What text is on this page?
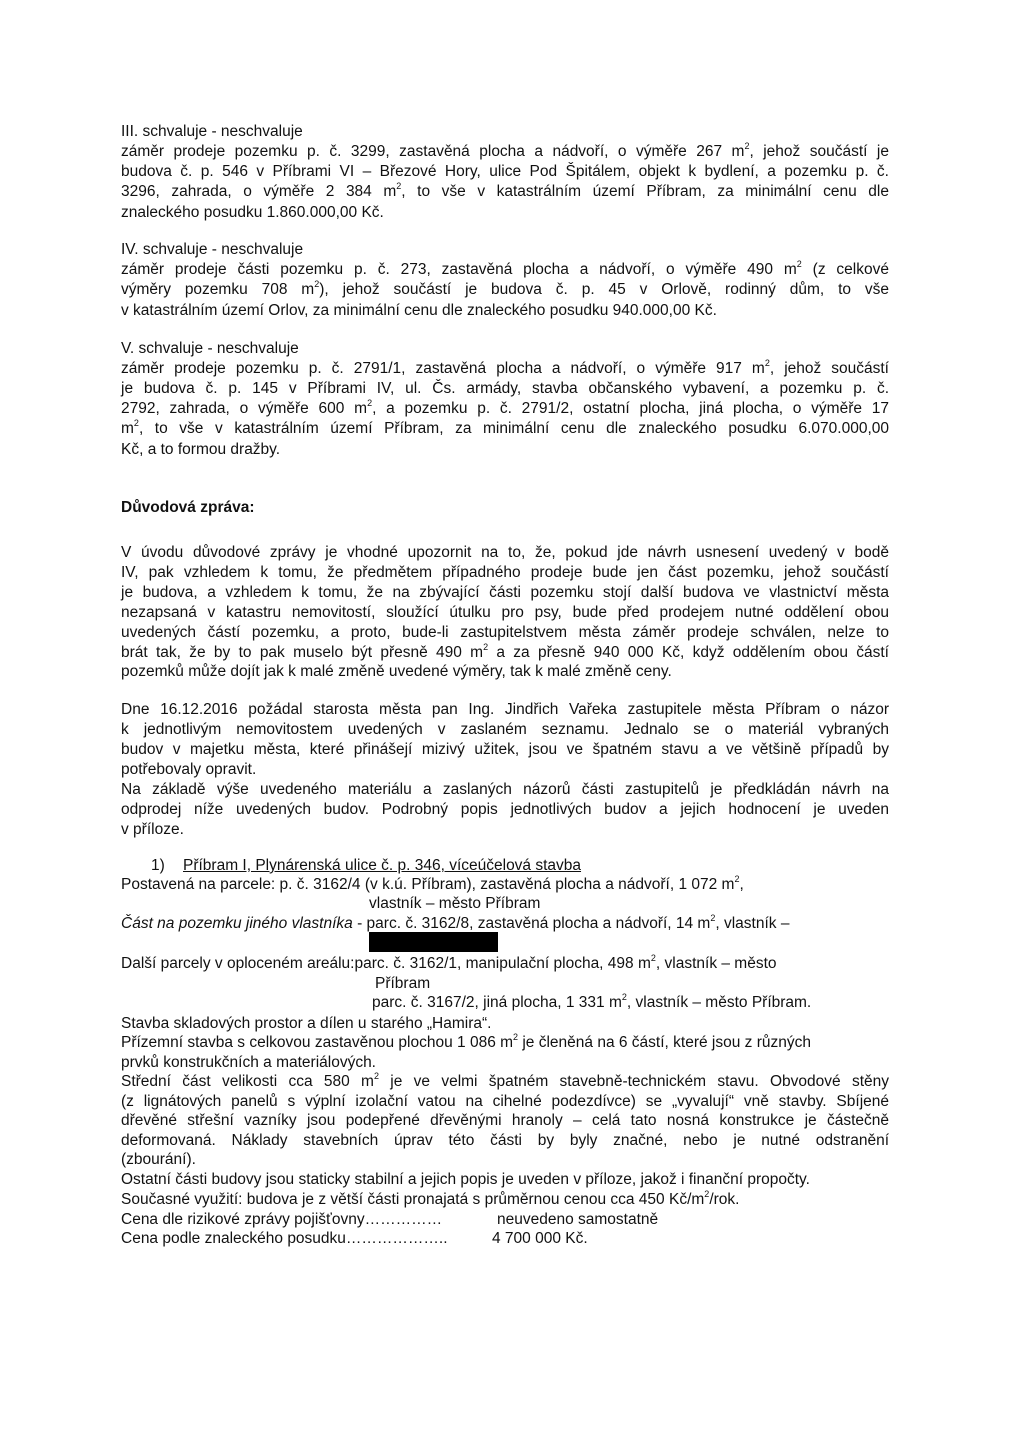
III. schvaluje - neschvaluje
záměr prodeje pozemku p. č. 3299, zastavěná plocha a nádvoří, o výměře 267 $m^2$, jehož součástí je
budova č. p. 546 v Příbrami VI – Březové Hory, ulice Pod Špitálem, objekt k bydlení, a pozemku p. č.
3296, zahrada, o výměře 2 384 $m^2$, to vše v katastrálním území Příbram, za minimální cenu dle
znaleckého posudku 1.860.000,00 Kč.
IV. schvaluje - neschvaluje
záměr prodeje části pozemku p. č. 273, zastavěná plocha a nádvoří, o výměře 490 $m^2$ (z celkové
výměry pozemku 708 $m^2$), jehož součástí je budova č. p. 45 v Orlově, rodinný dům, to vše
v katastrálním území Orlov, za minimální cenu dle znaleckého posudku 940.000,00 Kč.
V. schvaluje - neschvaluje
záměr prodeje pozemku p. č. 2791/1, zastavěná plocha a nádvoří, o výměře 917 $m^2$, jehož součástí
je budova č. p. 145 v Příbrami IV, ul. Čs. armády, stavba občanského vybavení, a pozemku p. č.
2792, zahrada, o výměře 600 $m^2$, a pozemku p. č. 2791/2, ostatní plocha, jiná plocha, o výměře 17
$m^2$, to vše v katastrálním území Příbram, za minimální cenu dle znaleckého posudku 6.070.000,00
Kč, a to formou dražby.
Důvodová zpráva:
V úvodu důvodové zprávy je vhodné upozornit na to, že, pokud jde návrh usnesení uvedený v bodě
IV, pak vzhledem k tomu, že předmětem případného prodeje bude jen část pozemku, jehož součástí
je budova, a vzhledem k tomu, že na zbývající části pozemku stojí další budova ve vlastnictví města
nezapsaná v katastru nemovitostí, sloužící útulku pro psy, bude před prodejem nutné oddělení obou
uvedených částí pozemku, a proto, bude-li zastupitelstvem města záměr prodeje schválen, nelze to
brát tak, že by to pak muselo být přesně 490 $m^2$ a za přesně 940 000 Kč, když oddělením obou částí
pozemků může dojít jak k malé změně uvedené výměry, tak k malé změně ceny.
Dne 16.12.2016 požádal starosta města pan Ing. Jindřich Vařeka zastupitele města Příbram o názor
k jednotlivým nemovitostem uvedených v zaslaném seznamu. Jednalo se o materiál vybraných
budov v majetku města, které přinášejí mizivý užitek, jsou ve špatném stavu a ve většině případů by
potřebovaly opravit.
Na základě výše uvedeného materiálu a zaslaných názorů části zastupitelů je předkládán návrh na
odprodej níže uvedených budov. Podrobný popis jednotlivých budov a jejich hodnocení je uveden
v příloze.
1) Příbram I, Plynárenská ulice č. p. 346, víceúčelová stavba
Postavená na parcele: p. č. 3162/4 (v k.ú. Příbram), zastavěná plocha a nádvoří, 1 072 $m^2$,
vlastník – město Příbram
Část na pozemku jiného vlastníka - parc. č. 3162/8, zastavěná plocha a nádvoří, 14 $m^2$, vlastník –
Další parcely v oploceném areálu:parc. č. 3162/1, manipulační plocha, 498 $m^2$, vlastník – město
Příbram
parc. č. 3167/2, jiná plocha, 1 331 $m^2$, vlastník – město Příbram.
Stavba skladových prostor a dílen u starého „Hamira“.
Přízemní stavba s celkovou zastavěnou plochou 1 086 $m^2$ je členěná na 6 částí, které jsou z různých
prvků konstrukčních a materiálových.
Střední část velikosti cca 580 $m^2$ je ve velmi špatném stavebně-technickém stavu. Obvodové stěny
(z lignátových panelů s výplní izolační vatou na cihelné podezdívce) se „vyvalují“ vně stavby. Sbíjené
dřevěné střešní vazníky jsou podepřené dřevěnými hranoly – celá tato nosná konstrukce je částečně
deformovaná. Náklady stavebních úprav této části by byly značné, nebo je nutné odstranění
(zbourání).
Ostatní části budovy jsou staticky stabilní a jejich popis je uveden v příloze, jakož i finanční propočty.
Současné využití: budova je z větší části pronajatá s průměrnou cenou cca 450 $Kč/m^2$/rok.
Cena dle rizikové zprávy pojišťovny……………	neuvedeno samostatně
Cena podle znaleckého posudku………………..	4 700 000 Kč.
